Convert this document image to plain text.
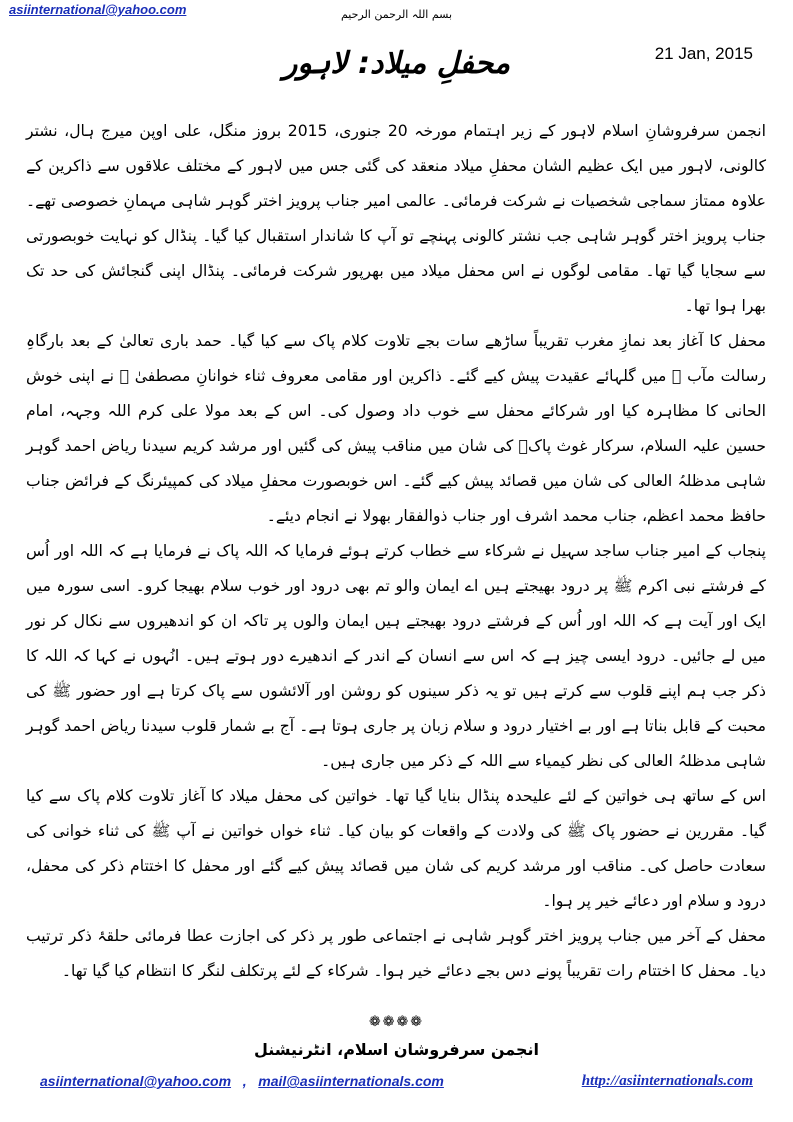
asiinternational@yahoo.com	بسم اللہ الرحمن الرحیم
21 Jan, 2015
محفلِ میلاد: لاہور

انجمن سرفروشانِ اسلام لاہور کے زیر اہتمام مورخہ 20 جنوری، 2015 بروز منگل، علی اوپن میرج ہال، نشتر کالونی، لاہور میں ایک عظیم الشان محفلِ میلاد منعقد کی گئی جس میں لاہور کے مختلف علاقوں سے ذاکرین کے علاوہ ممتاز سماجی شخصیات نے شرکت فرمائی۔ عالمی امیر جناب پرویز اختر گوہر شاہی مہمانِ خصوصی تھے۔ جناب پرویز اختر گوہر شاہی جب نشتر کالونی پہنچے تو آپ کا شاندار استقبال کیا گیا۔ پنڈال کو نہایت خوبصورتی سے سجایا گیا تھا۔ مقامی لوگوں نے اس محفل میلاد میں بھرپور شرکت فرمائی۔ پنڈال اپنی گنجائش کی حد تک بھرا ہوا تھا۔

محفل کا آغاز بعد نمازِ مغرب تقریباً ساڑھے سات بجے تلاوت کلام پاک سے کیا گیا۔ حمد باری تعالیٰ کے بعد بارگاہِ رسالت مآب ﷺ میں گلہائے عقیدت پیش کیے گئے۔ ذاکرین اور مقامی معروف ثناء خوانانِ مصطفیٰ ﷺ نے اپنی خوش الحانی کا مظاہرہ کیا اور شرکائے محفل سے خوب داد وصول کی۔ اس کے بعد مولا علی کرم اللہ وجہہ، امام حسین علیہ السلام، سرکار غوث پاکؓ کی شان میں مناقب پیش کی گئیں اور مرشد کریم سیدنا ریاض احمد گوہر شاہی مدظلہُ العالی کی شان میں قصائد پیش کیے گئے۔ اس خوبصورت محفلِ میلاد کی کمپیئرنگ کے فرائض جناب حافظ محمد اعظم، جناب محمد اشرف اور جناب ذوالفقار بھولا نے انجام دیئے۔

پنجاب کے امیر جناب ساجد سہیل نے شرکاء سے خطاب کرتے ہوئے فرمایا کہ اللہ پاک نے فرمایا ہے کہ اللہ اور اُس کے فرشتے نبی اکرم ﷺ پر درود بھیجتے ہیں اے ایمان والو تم بھی درود اور خوب سلام بھیجا کرو۔ اسی سورہ میں ایک اور آیت ہے کہ اللہ اور اُس کے فرشتے درود بھیجتے ہیں ایمان والوں پر تاکہ ان کو اندھیروں سے نکال کر نور میں لے جائیں۔ درود ایسی چیز ہے کہ اس سے انسان کے اندر کے اندھیرے دور ہوتے ہیں۔ انُہوں نے کہا کہ اللہ کا ذکر جب ہم اپنے قلوب سے کرتے ہیں تو یہ ذکر سینوں کو روشن اور آلائشوں سے پاک کرتا ہے اور حضور ﷺ کی محبت کے قابل بناتا ہے اور بے اختیار درود و سلام زبان پر جاری ہوتا ہے۔ آج بے شمار قلوب سیدنا ریاض احمد گوہر شاہی مدظلہُ العالی کی نظر کیمیاء سے اللہ کے ذکر میں جاری ہیں۔

اس کے ساتھ ہی خواتین کے لئے علیحدہ پنڈال بنایا گیا تھا۔ خواتین کی محفل میلاد کا آغاز تلاوت کلام پاک سے کیا گیا۔ مقررین نے حضور پاک ﷺ کی ولادت کے واقعات کو بیان کیا۔ ثناء خواں خواتین نے آپ ﷺ کی ثناء خوانی کی سعادت حاصل کی۔ مناقب اور مرشد کریم کی شان میں قصائد پیش کیے گئے اور محفل کا اختتام ذکر کی محفل، درود و سلام اور دعائے خیر پر ہوا۔

محفل کے آخر میں جناب پرویز اختر گوہر شاہی نے اجتماعی طور پر ذکر کی اجازت عطا فرمائی حلقۂ ذکر ترتیب دیا۔ محفل کا اختتام رات تقریباً پونے دس بجے دعائے خیر ہوا۔ شرکاء کے لئے پرتکلف لنگر کا انتظام کیا گیا تھا۔

❁❁❁❁
انجمن سرفروشان اسلام، انٹرنیشنل
asiinternational@yahoo.com , mail@asiinternationals.com	http://asiinternationals.com
